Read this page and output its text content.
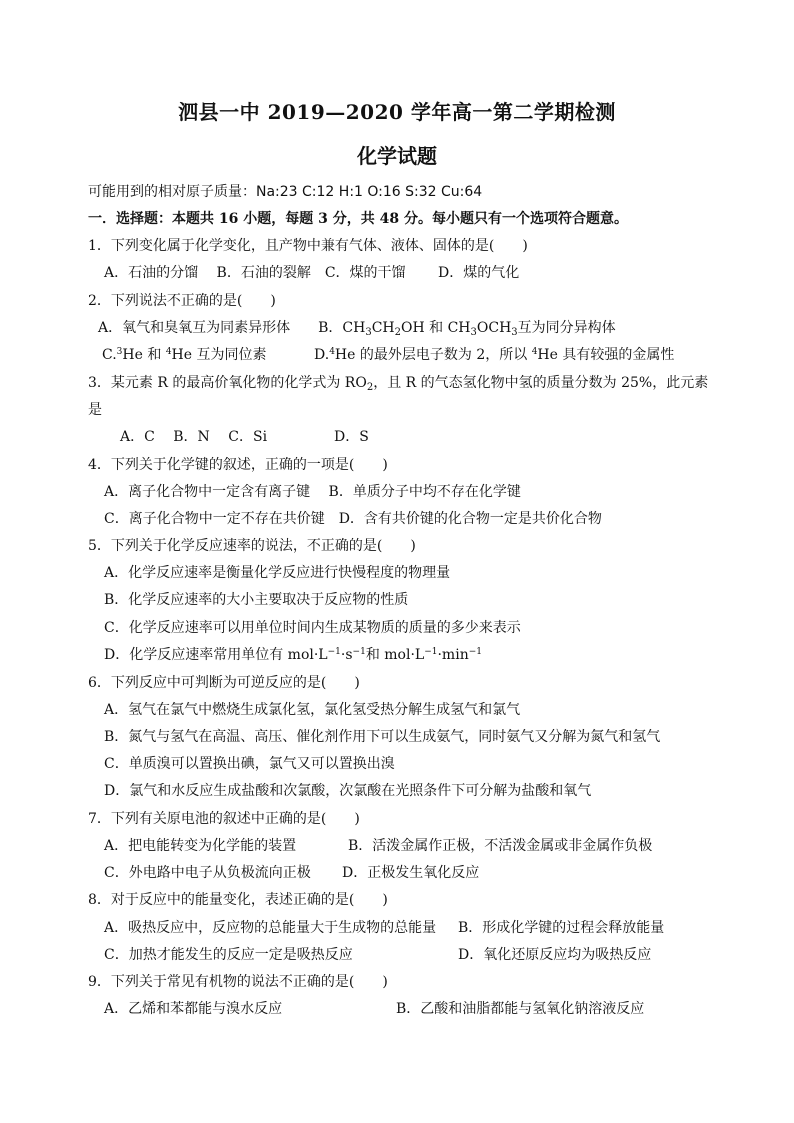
泗县一中 2019—2020 学年高一第二学期检测
化学试题
可能用到的相对原子质量：Na:23 C:12 H:1 O:16 S:32 Cu:64
一．选择题：本题共 16 小题，每题 3 分，共 48 分。每小题只有一个选项符合题意。
1．下列变化属于化学变化，且产物中兼有气体、液体、固体的是(　　)
A．石油的分馏　 B．石油的裂解　C．煤的干馏　　 D．煤的气化
2．下列说法不正确的是(　　)
A．氧气和臭氧互为同素异形体　　B．$CH_3CH_2OH$ 和 $CH_3OCH_3$互为同分异构体
C.$^3$He 和 $^4$He 互为同位素	D.$^4$He 的最外层电子数为 2，所以 $^4$He 具有较强的金属性
3．某元素 R 的最高价氧化物的化学式为 $RO_2$，且 R 的气态氢化物中氢的质量分数为 25%，此元素
是
A．C　 B．N　 C．Si	D．S
4．下列关于化学键的叙述，正确的一项是(　　)
A．离子化合物中一定含有离子键　 B．单质分子中均不存在化学键
C．离子化合物中一定不存在共价键　D．含有共价键的化合物一定是共价化合物
5．下列关于化学反应速率的说法，不正确的是(　　)
A．化学反应速率是衡量化学反应进行快慢程度的物理量
B．化学反应速率的大小主要取决于反应物的性质
C．化学反应速率可以用单位时间内生成某物质的质量的多少来表示
D．化学反应速率常用单位有 $mol\cdot L^{-1}\cdot s^{-1}$和 $mol\cdot L^{-1}\cdot\min^{-1}$
6．下列反应中可判断为可逆反应的是(　　)
A．氢气在氯气中燃烧生成氯化氢，氯化氢受热分解生成氢气和氯气
B．氮气与氢气在高温、高压、催化剂作用下可以生成氨气，同时氨气又分解为氮气和氢气
C．单质溴可以置换出碘，氯气又可以置换出溴
D．氯气和水反应生成盐酸和次氯酸，次氯酸在光照条件下可分解为盐酸和氧气
7．下列有关原电池的叙述中正确的是(　　)
A．把电能转变为化学能的装置	B．活泼金属作正极，不活泼金属或非金属作负极
C．外电路中电子从负极流向正极 D．正极发生氧化反应
8．对于反应中的能量变化，表述正确的是(　　)
A．吸热反应中，反应物的总能量大于生成物的总能量 B．形成化学键的过程会释放能量
C．加热才能发生的反应一定是吸热反应	D．氧化还原反应均为吸热反应
9．下列关于常见有机物的说法不正确的是(　　)
A．乙烯和苯都能与溴水反应	B．乙酸和油脂都能与氢氧化钠溶液反应
